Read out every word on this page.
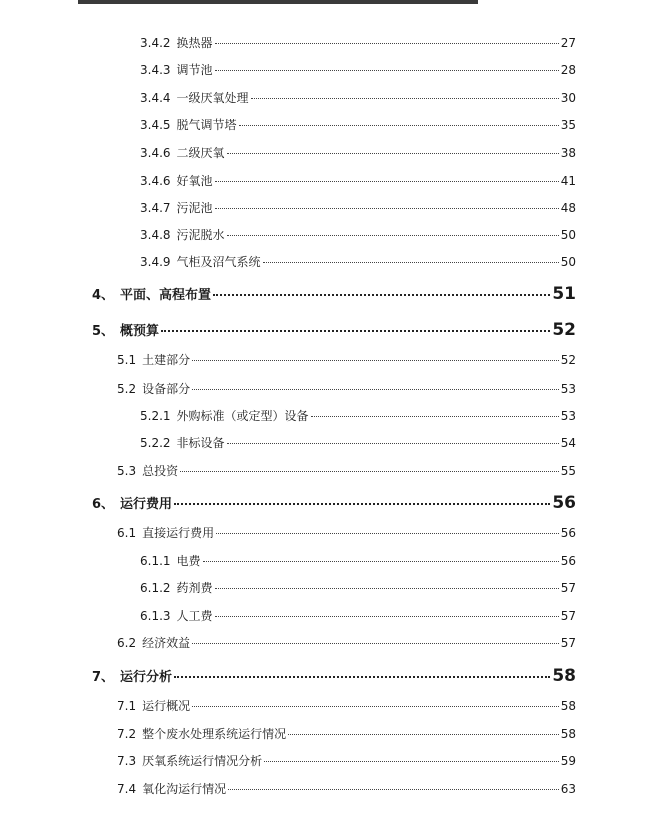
3.4.2 换热器	27
3.4.3 调节池	28
3.4.4 一级厌氧处理	30
3.4.5 脱气调节塔	35
3.4.6 二级厌氧	38
3.4.6 好氧池	41
3.4.7 污泥池	48
3.4.8 污泥脱水	50
3.4.9 气柜及沼气系统	50
4、 平面、高程布置	51
5、 概预算	52
5.1 土建部分	52
5.2 设备部分	53
5.2.1 外购标准（或定型）设备	53
5.2.2 非标设备	54
5.3 总投资	55
6、 运行费用	56
6.1 直接运行费用	56
6.1.1 电费	56
6.1.2 药剂费	57
6.1.3 人工费	57
6.2 经济效益	57
7、 运行分析	58
7.1 运行概况	58
7.2 整个废水处理系统运行情况	58
7.3 厌氧系统运行情况分析	59
7.4 氧化沟运行情况	63
